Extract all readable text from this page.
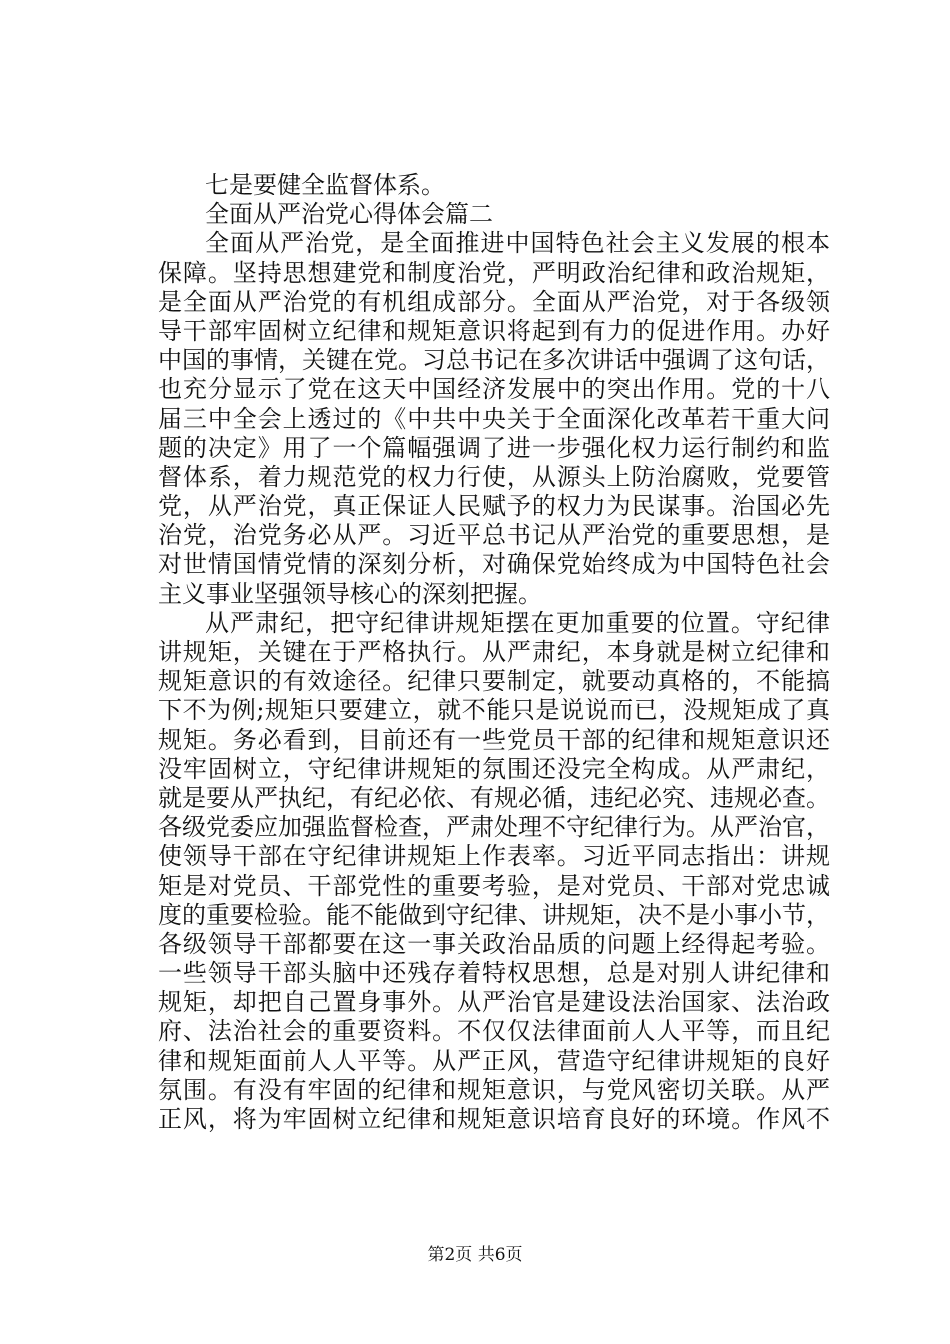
七是要健全监督体系。
全面从严治党心得体会篇二
全面从严治党，是全面推进中国特色社会主义发展的根本
保障。坚持思想建党和制度治党，严明政治纪律和政治规矩，
是全面从严治党的有机组成部分。全面从严治党，对于各级领
导干部牢固树立纪律和规矩意识将起到有力的促进作用。办好
中国的事情，关键在党。习总书记在多次讲话中强调了这句话，
也充分显示了党在这天中国经济发展中的突出作用。党的十八
届三中全会上透过的《中共中央关于全面深化改革若干重大问
题的决定》用了一个篇幅强调了进一步强化权力运行制约和监
督体系，着力规范党的权力行使，从源头上防治腐败，党要管
党，从严治党，真正保证人民赋予的权力为民谋事。治国必先
治党，治党务必从严。习近平总书记从严治党的重要思想，是
对世情国情党情的深刻分析，对确保党始终成为中国特色社会
主义事业坚强领导核心的深刻把握。
从严肃纪，把守纪律讲规矩摆在更加重要的位置。守纪律
讲规矩，关键在于严格执行。从严肃纪，本身就是树立纪律和
规矩意识的有效途径。纪律只要制定，就要动真格的，不能搞
下不为例;规矩只要建立，就不能只是说说而已，没规矩成了真
规矩。务必看到，目前还有一些党员干部的纪律和规矩意识还
没牢固树立，守纪律讲规矩的氛围还没完全构成。从严肃纪，
就是要从严执纪，有纪必依、有规必循，违纪必究、违规必查。
各级党委应加强监督检查，严肃处理不守纪律行为。从严治官，
使领导干部在守纪律讲规矩上作表率。习近平同志指出：讲规
矩是对党员、干部党性的重要考验，是对党员、干部对党忠诚
度的重要检验。能不能做到守纪律、讲规矩，决不是小事小节，
各级领导干部都要在这一事关政治品质的问题上经得起考验。
一些领导干部头脑中还残存着特权思想，总是对别人讲纪律和
规矩，却把自己置身事外。从严治官是建设法治国家、法治政
府、法治社会的重要资料。不仅仅法律面前人人平等，而且纪
律和规矩面前人人平等。从严正风，营造守纪律讲规矩的良好
氛围。有没有牢固的纪律和规矩意识，与党风密切关联。从严
正风，将为牢固树立纪律和规矩意识培育良好的环境。作风不
第2页 共6页
